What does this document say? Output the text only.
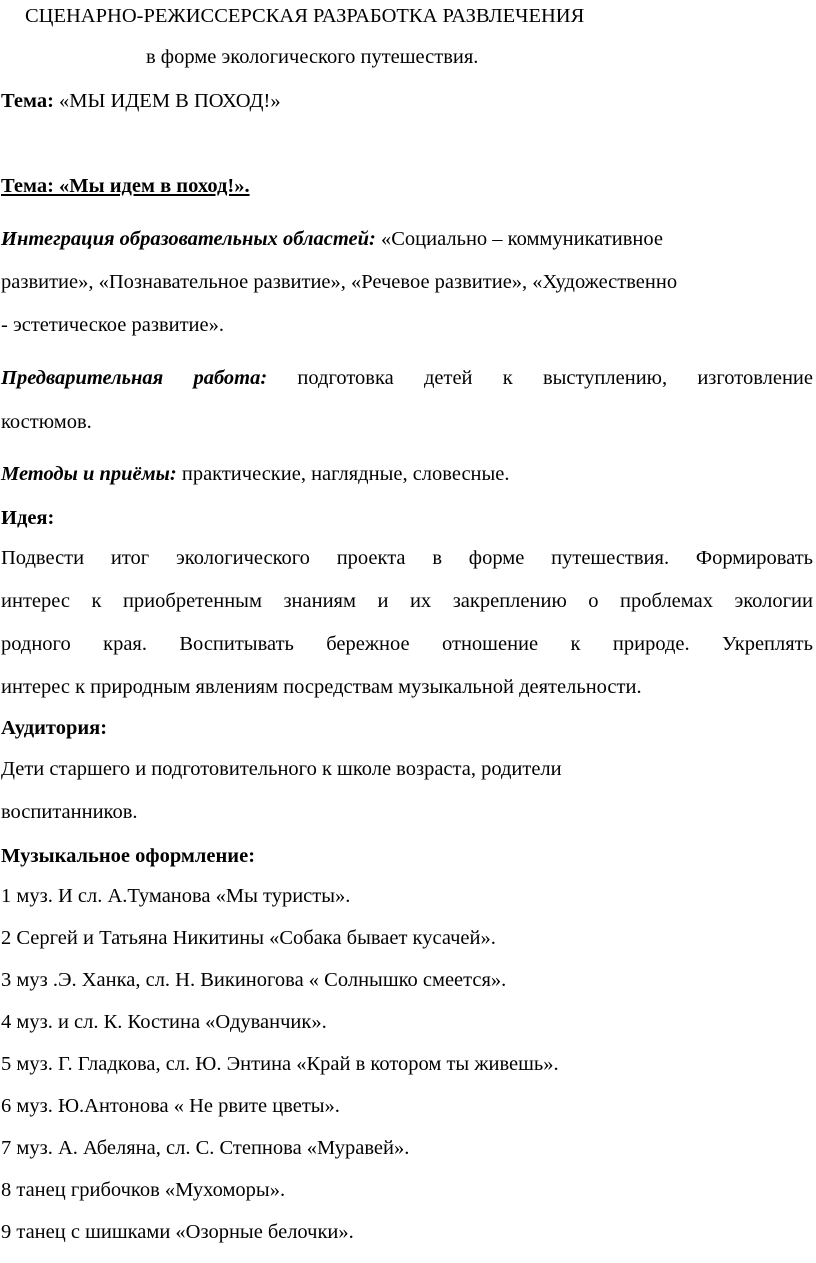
СЦЕНАРНО-РЕЖИССЕРСКАЯ РАЗРАБОТКА РАЗВЛЕЧЕНИЯ

в форме экологического путешествия.

Тема: «МЫ ИДЕМ В ПОХОД!»

Тема: «Мы идем в поход!».

Интеграция образовательных областей: «Социально – коммуникативное

развитие», «Познавательное развитие», «Речевое развитие», «Художественно

- эстетическое развитие».

Предварительная работа: подготовка детей к выступлению, изготовление

костюмов.

Методы и приёмы: практические, наглядные, словесные.

Идея:

Подвести итог экологического проекта в форме путешествия. Формировать
интерес к приобретенным знаниям и их закреплению о проблемах экологии
родного края. Воспитывать бережное отношение к природе. Укреплять

интерес к природным явлениям посредствам музыкальной деятельности.

Аудитория:

Дети старшего и подготовительного к школе возраста, родители

воспитанников.

Музыкальное оформление:

1 муз. И сл. А.Туманова «Мы туристы».

2 Сергей и Татьяна Никитины «Собака бывает кусачей».

3 муз .Э. Ханка, сл. Н. Викиногова « Солнышко смеется».

4 муз. и сл. К. Костина «Одуванчик».

5 муз. Г. Гладкова, сл. Ю. Энтина «Край в котором ты живешь».

6 муз. Ю.Антонова « Не рвите цветы».

7 муз. А. Абеляна, сл. С. Степнова «Муравей».

8 танец грибочков «Мухоморы».

9 танец с шишками «Озорные белочки».
